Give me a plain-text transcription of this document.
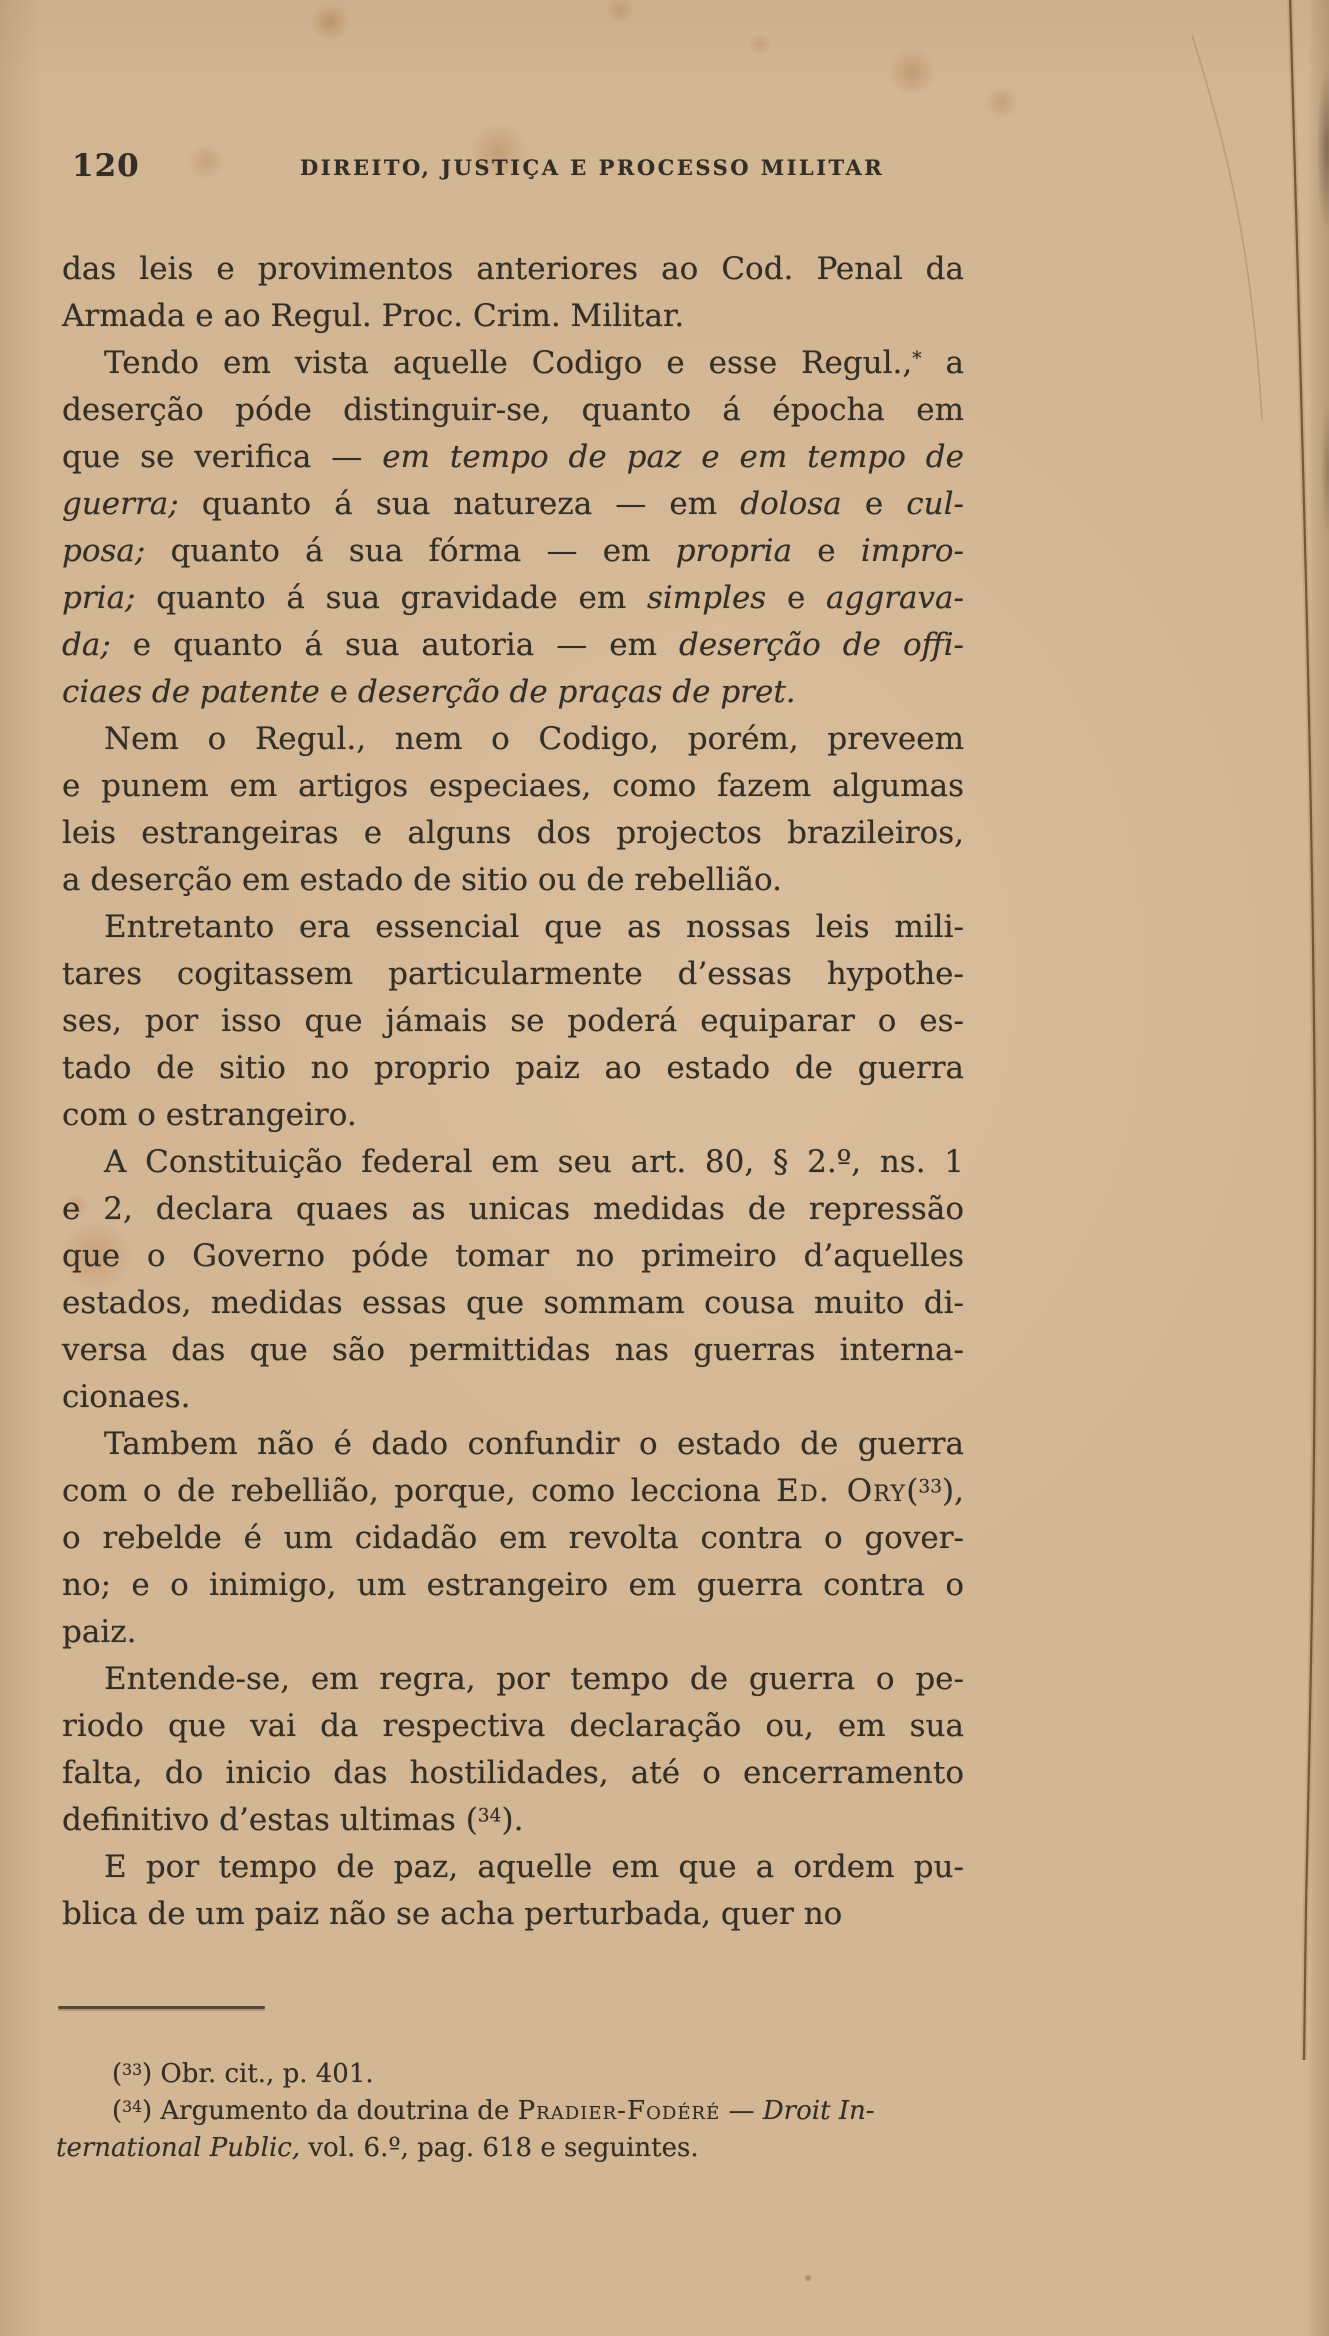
120	DIREITO, JUSTIÇA E PROCESSO MILITAR
das leis e provimentos anteriores ao Cod. Penal da
Armada e ao Regul. Proc. Crim. Militar.
Tendo em vista aquelle Codigo e esse Regul.,* a
deserção póde distinguir-se, quanto á épocha em
que se verifica — em tempo de paz e em tempo de
guerra; quanto á sua natureza — em dolosa e cul-
posa; quanto á sua fórma — em propria e impro-
pria; quanto á sua gravidade em simples e aggrava-
da; e quanto á sua autoria — em deserção de offi-
ciaes de patente e deserção de praças de pret.
Nem o Regul., nem o Codigo, porém, preveem
e punem em artigos especiaes, como fazem algumas
leis estrangeiras e alguns dos projectos brazileiros,
a deserção em estado de sitio ou de rebellião.
Entretanto era essencial que as nossas leis mili-
tares cogitassem particularmente d’essas hypothe-
ses, por isso que jámais se poderá equiparar o es-
tado de sitio no proprio paiz ao estado de guerra
com o estrangeiro.
A Constituição federal em seu art. 80, § 2.º, ns. 1
e 2, declara quaes as unicas medidas de repressão
que o Governo póde tomar no primeiro d’aquelles
estados, medidas essas que sommam cousa muito di-
versa das que são permittidas nas guerras interna-
cionaes.
Tambem não é dado confundir o estado de guerra
com o de rebellião, porque, como lecciona Ed. Ory($^{33}$),
o rebelde é um cidadão em revolta contra o gover-
no; e o inimigo, um estrangeiro em guerra contra o
paiz.
Entende-se, em regra, por tempo de guerra o pe-
riodo que vai da respectiva declaração ou, em sua
falta, do inicio das hostilidades, até o encerramento
definitivo d’estas ultimas ($^{34}$).
E por tempo de paz, aquelle em que a ordem pu-
blica de um paiz não se acha perturbada, quer no
($^{33}$) Obr. cit., p. 401.
($^{34}$) Argumento da doutrina de Pradier-Fodéré — Droit In-
ternational Public, vol. 6.º, pag. 618 e seguintes.
